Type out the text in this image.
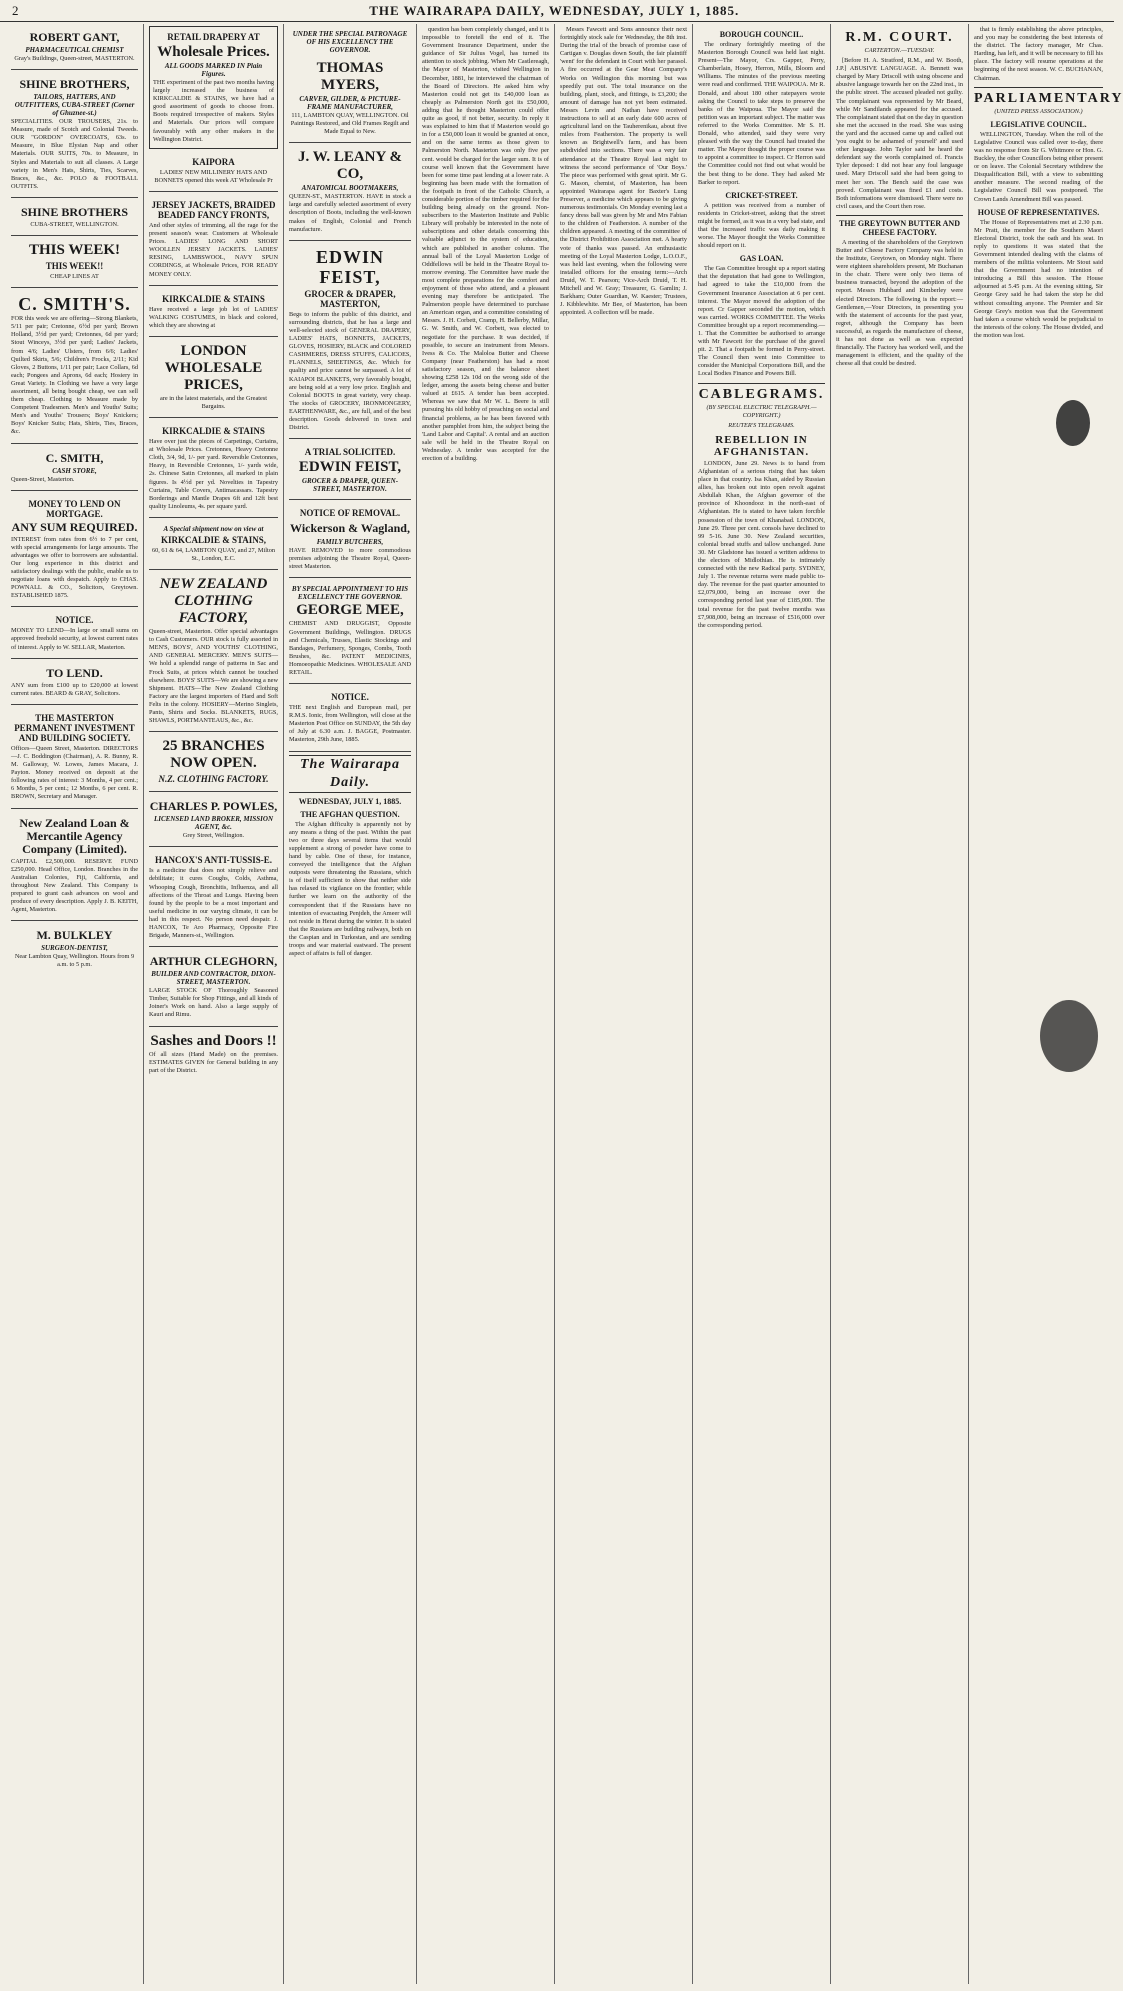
2	THE WAIRARAPA DAILY, WEDNESDAY, JULY 1, 1885.
ROBERT GANT,
PHARMACEUTICAL CHEMIST

Gray's Buildings, Queen-street, MASTERTON.

SHINE BROTHERS,
TAILORS, HATTERS, AND OUTFITTERS, CUBA-STREET (Corner of Ghuznee-st.)

SPECIALITIES. OUR TROUSERS, 21s. to Measure, made of Scotch and Colonial Tweeds. OUR "GORDON" OVERCOATS, 63s. to Measure, in Blue Elysian Nap and other Materials. OUR SUITS, 70s. to Measure, in Styles and Materials to suit all classes. A Large variety in Men's Hats, Shirts, Ties, Scarves, Braces, &c., &c. POLO & FOOTBALL OUTFITS.

SHINE BROTHERS

CUBA-STREET, WELLINGTON.

THIS WEEK!
THIS WEEK!!

CHEAP LINES AT

C. SMITH'S.

FOR this week we are offering—Strong Blankets, 5/11 per pair; Cretonne, 6½d per yard; Brown Holland, 3½d per yard; Cretonnes, 6d per yard; Stout Winceys, 3½d per yard; Ladies' Jackets, from 4/6; Ladies' Ulsters, from 6/6; Ladies' Quilted Skirts, 5/6; Children's Frocks, 2/11; Kid Gloves, 2 Buttons, 1/11 per pair; Lace Collars, 6d each; Pongees and Aprons, 6d each; Hosiery in Great Variety. In Clothing we have a very large assortment, all being bought cheap, we can sell them cheap. Clothing to Measure made by Competent Tradesmen. Men's and Youths' Suits; Men's and Youths' Trousers; Boys' Knickers; Boys' Knicker Suits; Hats, Shirts, Ties, Braces, &c.

C. SMITH,
CASH STORE,

Queen-Street, Masterton.

MONEY TO LEND ON MORTGAGE.
ANY SUM REQUIRED.

INTEREST from rates from 6½ to 7 per cent, with special arrangements for large amounts. The advantages we offer to borrowers are substantial. Our long experience in this district and satisfactory dealings with the public, enable us to negotiate loans with despatch. Apply to CHAS. POWNALL & CO., Solicitors, Greytown. ESTABLISHED 1875.

NOTICE.

MONEY TO LEND—In large or small sums on approved freehold security, at lowest current rates of interest. Apply to W. SELLAR, Masterton.

TO LEND.

ANY sum from £100 up to £20,000 at lowest current rates. BEARD & GRAY, Solicitors.

THE MASTERTON PERMANENT INVESTMENT AND BUILDING SOCIETY.

Offices—Queen Street, Masterton. DIRECTORS—J. C. Boddington (Chairman), A. R. Bunny, R. M. Galloway, W. Lowes, James Macara, J. Payton. Money received on deposit at the following rates of interest: 3 Months, 4 per cent.; 6 Months, 5 per cent.; 12 Months, 6 per cent. R. BROWN, Secretary and Manager.

New Zealand Loan & Mercantile Agency Company (Limited).

CAPITAL £2,500,000. RESERVE FUND £250,000. Head Office, London. Branches in the Australian Colonies, Fiji, California, and throughout New Zealand. This Company is prepared to grant cash advances on wool and produce of every description. Apply J. B. KEITH, Agent, Masterton.

M. BULKLEY
SURGEON-DENTIST,

Near Lambton Quay, Wellington. Hours from 9 a.m. to 5 p.m.

RETAIL DRAPERY AT
Wholesale Prices.
ALL GOODS MARKED IN Plain Figures.

THE experiment of the past two months having largely increased the business of KIRKCALDIE & STAINS, we have had a good assortment of goods to choose from. Boots required irrespective of makers. Styles and Materials. Our prices will compare favourably with any other makers in the Wellington District.

KAIPORA

LADIES' NEW MILLINERY HATS AND BONNETS opened this week AT Wholesale Pr

JERSEY JACKETS, BRAIDED BEADED FANCY FRONTS,

And other styles of trimming, all the rage for the present season's wear. Customers at Wholesale Prices. LADIES' LONG AND SHORT WOOLLEN JERSEY JACKETS. LADIES' RESING, LAMBSWOOL, NAVY SPUN CORDINGS, at Wholesale Prices, FOR READY MONEY ONLY.

KIRKCALDIE & STAINS

Have received a large job lot of LADIES' WALKING COSTUMES, in black and colored, which they are showing at

LONDON WHOLESALE PRICES,

are in the latest materials, and the Greatest Bargains.

KIRKCALDIE & STAINS

Have over just the pieces of Carpetings, Curtains, at Wholesale Prices. Cretonnes, Heavy Cretonne Cloth, 3/4, 9d, 1/- per yard. Reversible Cretonnes, Heavy, in Reversible Cretonnes, 1/- yards wide, 2s. Chinese Satin Cretonnes, all marked in plain figures. Is 4½d per yd. Novelties in Tapestry Curtains, Table Covers, Antimacassars. Tapestry Borderings and Mantle Drapes 6ft and 12ft best quality Linoleums, 4s. per square yard.

A Special shipment now on view at
KIRKCALDIE & STAINS,

60, 61 & 64, LAMBTON QUAY, and 27, Milton St., London, E.C.

NEW ZEALAND CLOTHING FACTORY,

Queen-street, Masterton. Offer special advantages to Cash Customers. OUR stock is fully assorted in MEN'S, BOYS', AND YOUTHS' CLOTHING, AND GENERAL MERCERY. MEN'S SUITS—We hold a splendid range of patterns in Sac and Frock Suits, at prices which cannot be touched elsewhere. BOYS' SUITS—We are showing a new Shipment. HATS—The New Zealand Clothing Factory are the largest importers of Hard and Soft Felts in the colony. HOSIERY—Merino Singlets, Pants, Shirts and Socks. BLANKETS, RUGS, SHAWLS, PORTMANTEAUS, &c., &c.

25 BRANCHES NOW OPEN.
N.Z. CLOTHING FACTORY.
CHARLES P. POWLES,
LICENSED LAND BROKER, MISSION AGENT, &c.

Grey Street, Wellington.

HANCOX'S ANTI-TUSSIS-E.

Is a medicine that does not simply relieve and debilitate; it cures Coughs, Colds, Asthma, Whooping Cough, Bronchitis, Influenza, and all affections of the Throat and Lungs. Having been found by the people to be a most important and useful medicine in our varying climate, it can be had in this respect. No person need despair. J. HANCOX, Te Aro Pharmacy, Opposite Fire Brigade, Manners-st., Wellington.

ARTHUR CLEGHORN,
BUILDER AND CONTRACTOR, DIXON-STREET, MASTERTON.

LARGE STOCK OF Thoroughly Seasoned Timber, Suitable for Shop Fittings, and all kinds of Joiner's Work on hand. Also a large supply of Kauri and Rimu.

Sashes and Doors !!

Of all sizes (Hand Made) on the premises. ESTIMATES GIVEN for General building in any part of the District.

UNDER THE SPECIAL PATRONAGE OF HIS EXCELLENCY THE GOVERNOR.
THOMAS MYERS,
CARVER, GILDER, & PICTURE-FRAME MANUFACTURER,

111, LAMBTON QUAY, WELLINGTON. Oil Paintings Restored, and Old Frames Regilt and Made Equal to New.

J. W. LEANY & CO,
ANATOMICAL BOOTMAKERS,

QUEEN-ST., MASTERTON. HAVE in stock a large and carefully selected assortment of every description of Boots, including the well-known makes of English, Colonial and French manufacture.

EDWIN FEIST,
GROCER & DRAPER, MASTERTON,

Begs to inform the public of this district, and surrounding districts, that he has a large and well-selected stock of GENERAL DRAPERY, LADIES' HATS, BONNETS, JACKETS, GLOVES, HOSIERY, BLACK and COLORED CASHMERES, DRESS STUFFS, CALICOES, FLANNELS, SHEETINGS, &c. Which for quality and price cannot be surpassed. A lot of KAIAPOI BLANKETS, very favorably bought, are being sold at a very low price. English and Colonial BOOTS in great variety, very cheap. The stocks of GROCERY, IRONMONGERY, EARTHENWARE, &c., are full, and of the best description. Goods delivered in town and District.

A TRIAL SOLICITED.
EDWIN FEIST,
GROCER & DRAPER, QUEEN-STREET, MASTERTON.
NOTICE OF REMOVAL.
Wickerson & Wagland,
FAMILY BUTCHERS,

HAVE REMOVED to more commodious premises adjoining the Theatre Royal, Queen-street Masterton.

BY SPECIAL APPOINTMENT TO HIS EXCELLENCY THE GOVERNOR.
GEORGE MEE,

CHEMIST AND DRUGGIST, Opposite Government Buildings, Wellington. DRUGS and Chemicals, Trusses, Elastic Stockings and Bandages, Perfumery, Sponges, Combs, Tooth Brushes, &c. PATENT MEDICINES, Homoeopathic Medicines. WHOLESALE AND RETAIL.

NOTICE.

THE next English and European mail, per R.M.S. Ionic, from Wellington, will close at the Masterton Post Office on SUNDAY, the 5th day of July at 6.30 a.m. J. BAGGE, Postmaster. Masterton, 29th June, 1885.

The Wairarapa Daily.
WEDNESDAY, JULY 1, 1885.
THE AFGHAN QUESTION.

The Afghan difficulty is apparently not by any means a thing of the past. Within the past two or three days several items that would supplement a strong of powder have come to hand by cable. One of these, for instance, conveyed the intelligence that the Afghan outposts were threatening the Russians, which is of itself sufficient to show that neither side has relaxed its vigilance on the frontier; while further we learn on the authority of the correspondent that if the Russians have no intention of evacuating Penjdeh, the Ameer will not reside in Herat during the winter. It is stated that the Russians are building railways, both on the Caspian and in Turkestan, and are sending troops and war material eastward. The present aspect of affairs is full of danger.

question has been completely changed, and it is impossible to foretell the end of it. The Government Insurance Department, under the guidance of Sir Julius Vogel, has turned its attention to stock jobbing. When Mr Castlereagh, the Mayor of Masterton, visited Wellington in December, 1881, he interviewed the chairman of the Board of Directors. He asked him why Masterton could not get its £40,000 loan as cheaply as Palmerston North got its £50,000, adding that he thought Masterton could offer quite as good, if not better, security. In reply it was explained to him that if Masterton would go in for a £50,000 loan it would be granted at once, and on the same terms as those given to Palmerston North. Masterton was only five per cent. would be charged for the larger sum. It is of course well known that the Government have been for some time past lending at a lower rate. A beginning has been made with the formation of the footpath in front of the Catholic Church, a considerable portion of the timber required for the building being already on the ground. Non-subscribers to the Masterton Institute and Public Library will probably be interested in the note of subscriptions and other details concerning this valuable adjunct to the system of education, which are published in another column. The annual ball of the Loyal Masterton Lodge of Oddfellows will be held in the Theatre Royal to-morrow evening. The Committee have made the most complete preparations for the comfort and enjoyment of those who attend, and a pleasant evening may therefore be anticipated. The Palmerston people have determined to purchase an American organ, and a committee consisting of Messrs. J. H. Corbett, Cramp, H. Bellerby, Millar, G. W. Smith, and W. Corbett, was elected to negotiate for the purchase. It was decided, if possible, to secure an instrument from Messrs. Ivess & Co. The Maloloa Butter and Cheese Company (near Featherston) has had a most satisfactory season, and the balance sheet showing £258 12s 10d on the wrong side of the ledger, among the assets being cheese and butter valued at £615. A tender has been accepted. Whereas we saw that Mr W. L. Beere is still pursuing his old hobby of preaching on social and financial problems, as he has been favored with another pamphlet from him, the subject being the 'Land Labor and Capital'. A rental and an auction sale will be held in the Theatre Royal on Wednesday. A tender was accepted for the erection of a building.

Messrs Fawcett and Sons announce their next fortnightly stock sale for Wednesday, the 8th inst. During the trial of the breach of promise case of Cartigan v. Douglas down South, the fair plaintiff 'went' for the defendant in Court with her parasol. A fire occurred at the Gear Meat Company's Works on Wellington this morning but was speedily put out. The total insurance on the building, plant, stock, and fittings, is £3,200; the amount of damage has not yet been estimated. Messrs Levin and Nathan have received instructions to sell at an early date 600 acres of agricultural land on the Tauherenikau, about five miles from Featherston. The property is well known as Brightwell's farm, and has been subdivided into sections. There was a very fair attendance at the Theatre Royal last night to witness the second performance of 'Our Boys.' The piece was performed with great spirit. Mr G. G. Mason, chemist, of Masterton, has been appointed Wairarapa agent for Baxter's Lung Preserver, a medicine which appears to be giving numerous testimonials. On Monday evening last a fancy dress ball was given by Mr and Mrs Fabian to the children of Featherston. A number of the children appeared. A meeting of the committee of the District Prohibition Association met. A hearty vote of thanks was passed. An enthusiastic meeting of the Loyal Masterton Lodge, L.O.O.F., was held last evening, when the following were installed officers for the ensuing term:—Arch Druid, W. T. Pearson; Vice-Arch Druid, T. H. Mitchell and W. Gray; Treasurer, G. Gamlin; J. Barkham; Outer Guardian, W. Kaester; Trustees, J. Kibblewhite. Mr Bee, of Masterton, has been appointed. A collection will be made.

BOROUGH COUNCIL.

The ordinary fortnightly meeting of the Masterton Borough Council was held last night. Present—The Mayor, Crs. Gapper, Perry, Chamberlain, Hosey, Herron, Mills, Bloom and Williams. The minutes of the previous meeting were read and confirmed. THE WAIPOUA. Mr R. Donald, and about 180 other ratepayers wrote asking the Council to take steps to preserve the banks of the Waipoua. The Mayor said the petition was an important subject. The matter was referred to the Works Committee. Mr S. H. Donald, who attended, said they were very pleased with the way the Council had treated the matter. The Mayor thought the proper course was to appoint a committee to inspect. Cr Herron said the Committee could not find out what would be the best thing to be done. They had asked Mr Barker to report.

CRICKET-STREET.

A petition was received from a number of residents in Cricket-street, asking that the street might be formed, as it was in a very bad state, and that the increased traffic was daily making it worse. The Mayor thought the Works Committee should report on it.

GAS LOAN.

The Gas Committee brought up a report stating that the deputation that had gone to Wellington, had agreed to take the £10,000 from the Government Insurance Association at 6 per cent. interest. The Mayor moved the adoption of the report. Cr Gapper seconded the motion, which was carried. WORKS COMMITTEE. The Works Committee brought up a report recommending.—1. That the Committee be authorised to arrange with Mr Fawcett for the purchase of the gravel pit. 2. That a footpath be formed in Perry-street. The Council then went into Committee to consider the Municipal Corporations Bill, and the Local Bodies Finance and Powers Bill.

CABLEGRAMS.
(BY SPECIAL ELECTRIC TELEGRAPH.—COPYRIGHT.)
REUTER'S TELEGRAMS.
REBELLION IN AFGHANISTAN.

LONDON, June 29. News is to hand from Afghanistan of a serious rising that has taken place in that country. Isa Khan, aided by Russian allies, has broken out into open revolt against Abdullah Khan, the Afghan governor of the province of Khoondooz in the north-east of Afghanistan. He is stated to have taken forcible possession of the town of Khanabad. LONDON, June 29. Three per cent. consols have declined to 99 5-16. June 30. New Zealand securities, colonial bread stuffs and tallow unchanged. June 30. Mr Gladstone has issued a written address to the electors of Midlothian. He is intimately connected with the new Radical party. SYDNEY, July 1. The revenue returns were made public to-day. The revenue for the past quarter amounted to £2,079,000, being an increase over the corresponding period last year of £185,000. The total revenue for the past twelve months was £7,908,000, being an increase of £516,000 over the corresponding period.

R.M. COURT.
CARTERTON.—TUESDAY.

[Before H. A. Stratford, R.M., and W. Booth, J.P.] ABUSIVE LANGUAGE. A. Bennett was charged by Mary Driscoll with using obscene and abusive language towards her on the 22nd inst., in the public street. The accused pleaded not guilty. The complainant was represented by Mr Beard, while Mr Sandilands appeared for the accused. The complainant stated that on the day in question she met the accused in the road. She was using the yard and the accused came up and called out 'you ought to be ashamed of yourself' and used other language. John Taylor said he heard the defendant say the words complained of. Francis Tyler deposed: I did not hear any foul language used. Mary Driscoll said she had been going to meet her son. The Bench said the case was proved. Complainant was fined £1 and costs. Both informations were dismissed. There were no civil cases, and the Court then rose.

THE GREYTOWN BUTTER AND CHEESE FACTORY.

A meeting of the shareholders of the Greytown Butter and Cheese Factory Company was held in the Institute, Greytown, on Monday night. There were eighteen shareholders present, Mr Buchanan in the chair. There were only two items of business transacted, beyond the adoption of the report. Messrs Hubbard and Kimberley were elected Directors. The following is the report:—Gentlemen,—Your Directors, in presenting you with the statement of accounts for the past year, regret, although the Company has been successful, as regards the manufacture of cheese, it has not done as well as was expected financially. The Factory has worked well, and the management is efficient, and the quality of the cheese all that could be desired.

that is firmly establishing the above principles, and you may be considering the best interests of the district. The factory manager, Mr Chas. Harding, has left, and it will be necessary to fill his place. The factory will resume operations at the beginning of the next season. W. C. BUCHANAN, Chairman.

PARLIAMENTARY
(UNITED PRESS ASSOCIATION.)
LEGISLATIVE COUNCIL.

WELLINGTON, Tuesday. When the roll of the Legislative Council was called over to-day, there was no response from Sir G. Whitmore or Hon. G. Buckley, the other Councillors being either present or on leave. The Colonial Secretary withdrew the Disqualification Bill, with a view to submitting another measure. The second reading of the Legislative Council Bill was postponed. The Crown Lands Amendment Bill was passed.

HOUSE OF REPRESENTATIVES.

The House of Representatives met at 2.30 p.m. Mr Pratt, the member for the Southern Maori Electoral District, took the oath and his seat. In reply to questions it was stated that the Government intended dealing with the claims of members of the militia volunteers. Mr Stout said that the Government had no intention of introducing a Bill this session. The House adjourned at 5.45 p.m. At the evening sitting, Sir George Grey said he had taken the step he did without consulting anyone. The Premier and Sir George Grey's motion was that the Government had taken a course which would be prejudicial to the interests of the colony. The House divided, and the motion was lost.
